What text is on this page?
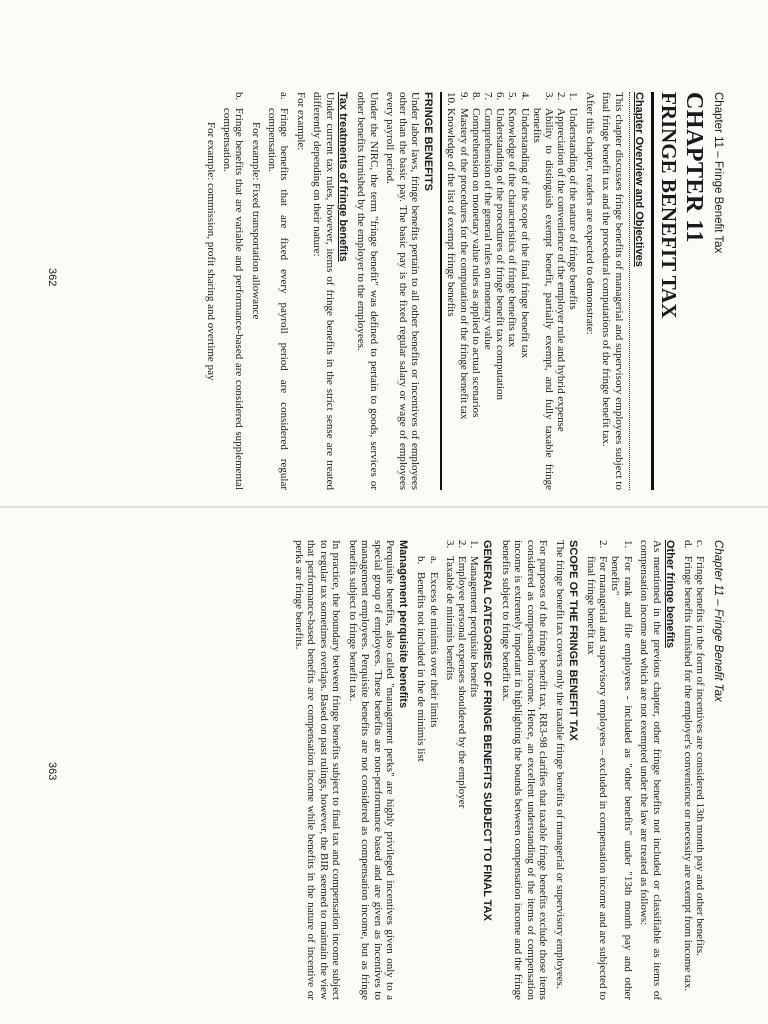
Chapter 11 – Fringe Benefit Tax
CHAPTER 11
FRINGE BENEFIT TAX
Chapter Overview and Objectives

This chapter discusses fringe benefits of managerial and supervisory employees subject to final fringe benefit tax and the procedural computations of the fringe benefit tax.

After this chapter, readers are expected to demonstrate:

1.
Understanding of the nature of fringe benefits
2.
Appreciation of the convenience of the employer rule and hybrid expense
3.
Ability to distinguish exempt benefit, partially exempt, and fully taxable fringe benefits
4.
Understanding of the scope of the final fringe benefit tax
5.
Knowledge of the characteristics of fringe benefits tax
6.
Understanding of the procedures of fringe benefit tax computation
7.
Comprehension of the general rules on monetary value
8.
Comprehension on monetary value rules as applied to actual scenarios
9.
Mastery of the procedures for the computation of the fringe benefit tax
10.
Knowledge of the list of exempt fringe benefits
FRINGE BENEFITS

Under labor laws, fringe benefits pertain to all other benefits or incentives of employees other than the basic pay. The basic pay is the fixed regular salary or wage of employees every payroll period.

Under the NIRC, the term "fringe benefit" was defined to pertain to goods, services or other benefits furnished by the employer to the employees.

Tax treatments of fringe benefits

Under current tax rules, however, items of fringe benefits in the strict sense are treated differently depending on their nature:

For example:

a.
Fringe benefits that are fixed every payroll period are considered regular compensation.

For example: Fixed transportation allowance

b.
Fringe benefits that are variable and performance-based are considered supplemental compensation.

For example: commission, profit sharing and overtime pay

362
Chapter 11 – Fringe Benefit Tax
c.
Fringe benefits in the form of incentives are considered 13th month pay and other benefits.
d.
Fringe benefits furnished for the employer's convenience or necessity are exempt from income tax.
Other fringe benefits

As mentioned in the previous chapter, other fringe benefits not included or classifiable as items of compensation income and which are not exempted under the law are treated as follows:

1.
For rank and file employees - included as "other benefits" under "13th month pay and other benefits"
2.
For managerial and supervisory employees – excluded in compensation income and are subjected to final fringe benefit tax
SCOPE OF THE FRINGE BENEFIT TAX

The fringe benefit tax covers only the taxable fringe benefits of managerial or supervisory employees.

For purposes of the fringe benefit tax, RR3-98 clarifies that taxable fringe benefits exclude those items considered as compensation income. Hence, an excellent understanding of the items of compensation income is extremely important in highlighting the bounds between compensation income and the fringe benefits subject to fringe benefit tax.

GENERAL CATEGORIES OF FRINGE BENEFITS SUBJECT TO FINAL TAX
1.
Management perquisite benefits
2.
Employee personal expenses shouldered by the employer
3.
Taxable de minimis benefits
a.
Excess de minimis over their limits
b.
Benefits not included in the de minimis list
Management perquisite benefits

Perquisite benefits, also called "management perks" are highly privileged incentives given only to a special group of employees. These benefits are non-performance based and are given as incentives to management employees. Perquisite benefits are not considered as compensation income, but as fringe benefits subject to fringe benefit tax.

In practice, the boundary between fringe benefits subject to final tax and compensation income subject to regular tax sometimes overlaps. Based on past rulings, however, the BIR seemed to maintain the view that performance-based benefits are compensation income while benefits in the nature of incentive or perks are fringe benefits.

363
